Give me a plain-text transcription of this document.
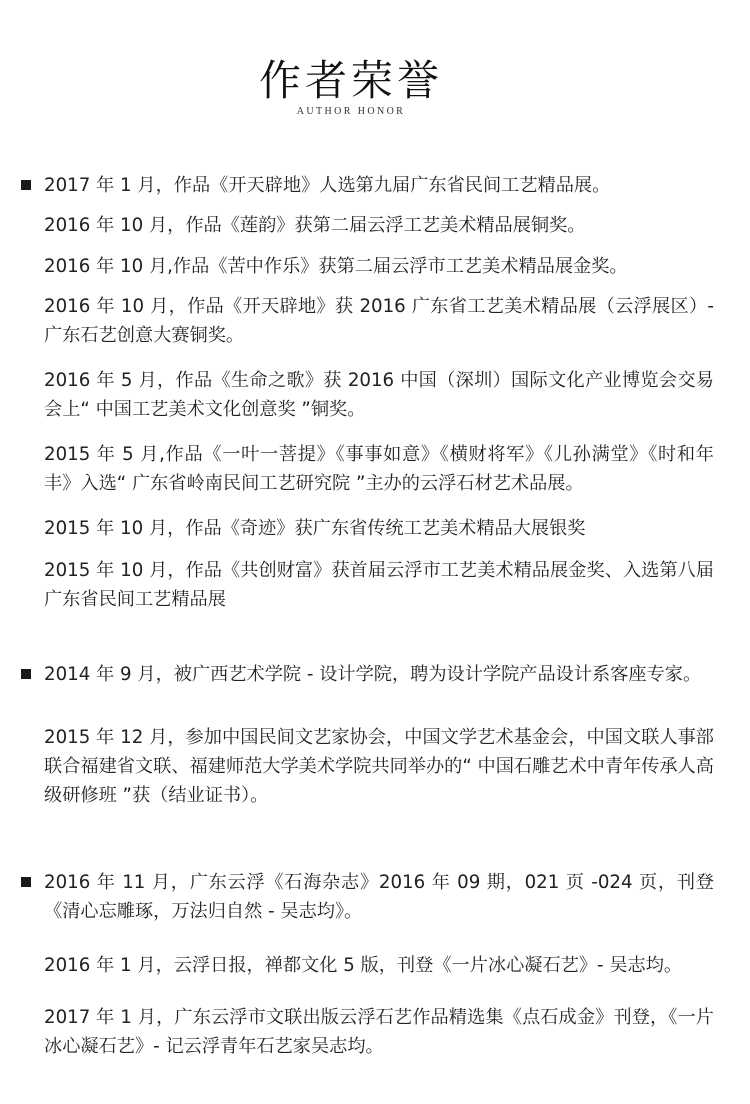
作者荣誉
AUTHOR HONOR

2017 年 1 月，作品《开天辟地》人选第九届广东省民间工艺精品展。

2016 年 10 月，作品《莲韵》获第二届云浮工艺美术精品展铜奖。

2016 年 10 月,作品《苦中作乐》获第二届云浮市工艺美术精品展金奖。

2016 年 10 月，作品《开天辟地》获 2016 广东省工艺美术精品展（云浮展区）- 广东石艺创意大赛铜奖。

2016 年 5 月，作品《生命之歌》获 2016 中国（深圳）国际文化产业博览会交易会上“ 中国工艺美术文化创意奖 ”铜奖。

2015 年 5 月,作品《一叶一菩提》《事事如意》《横财将军》《儿孙满堂》《时和年丰》入选“ 广东省岭南民间工艺研究院 ”主办的云浮石材艺术品展。

2015 年 10 月，作品《奇迹》获广东省传统工艺美术精品大展银奖

2015 年 10 月，作品《共创财富》获首届云浮市工艺美术精品展金奖、入选第八届广东省民间工艺精品展

2014 年 9 月，被广西艺术学院 - 设计学院，聘为设计学院产品设计系客座专家。

2015 年 12 月，参加中国民间文艺家协会，中国文学艺术基金会，中国文联人事部联合福建省文联、福建师范大学美术学院共同举办的“ 中国石雕艺术中青年传承人高级研修班 ”获（结业证书）。

2016 年 11 月，广东云浮《石海杂志》2016 年 09 期，021 页 -024 页，刊登《清心忘雕琢，万法归自然 - 吴志均》。

2016 年 1 月，云浮日报，禅都文化 5 版，刊登《一片冰心凝石艺》- 吴志均。

2017 年 1 月，广东云浮市文联出版云浮石艺作品精选集《点石成金》刊登，《一片冰心凝石艺》- 记云浮青年石艺家吴志均。
